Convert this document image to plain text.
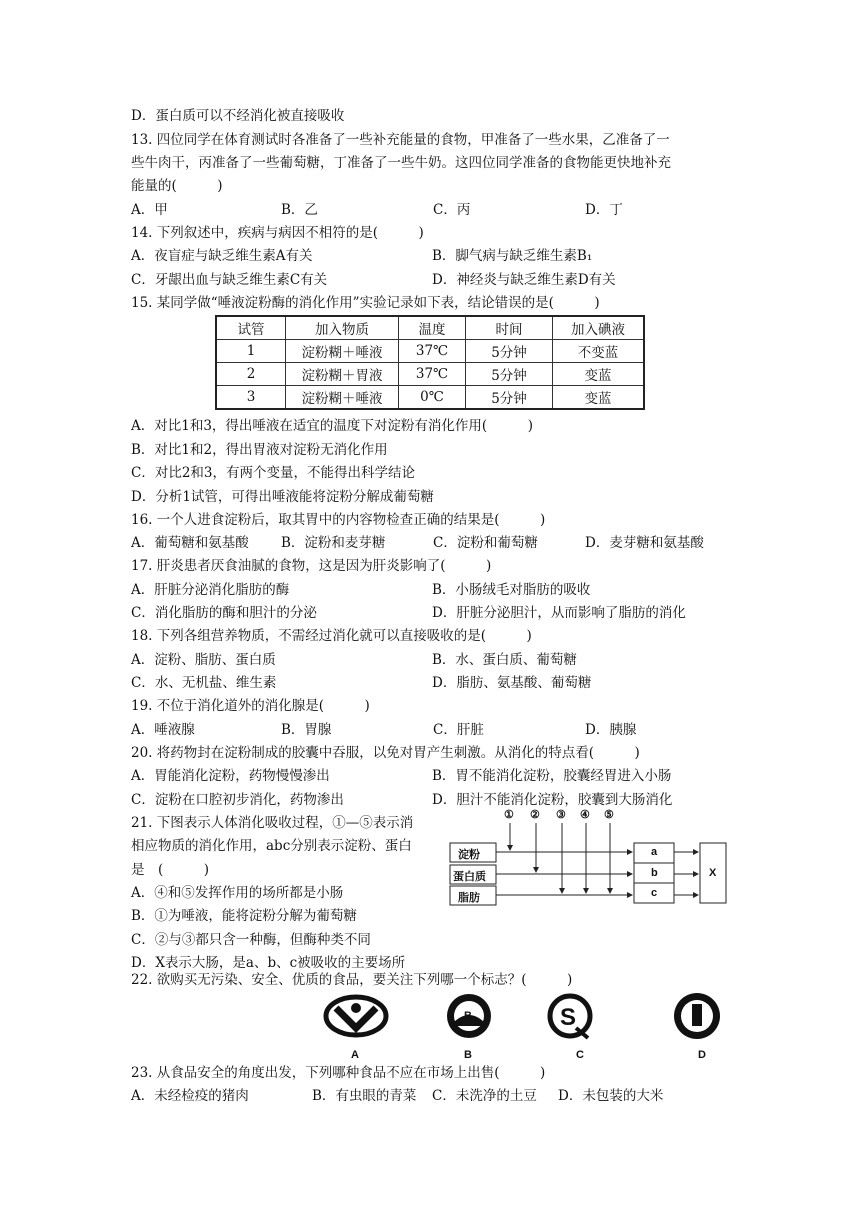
D．蛋白质可以不经消化被直接吸收
13. 四位同学在体育测试时各准备了一些补充能量的食物，甲准备了一些水果，乙准备了一
些牛肉干，丙准备了一些葡萄糖，丁准备了一些牛奶。这四位同学准备的食物能更快地补充
能量的(　　　)
A．甲	B．乙	C．丙	D．丁
14. 下列叙述中，疾病与病因不相符的是(　　　)
A．夜盲症与缺乏维生素A有关	B．脚气病与缺乏维生素B₁
C．牙龈出血与缺乏维生素C有关	D．神经炎与缺乏维生素D有关
15. 某同学做“唾液淀粉酶的消化作用”实验记录如下表，结论错误的是(　　　)
试管	加入物质	温度	时间	加入碘液
1	淀粉糊＋唾液	37℃	5分钟	不变蓝
2	淀粉糊＋胃液	37℃	5分钟	变蓝
3	淀粉糊＋唾液	0℃	5分钟	变蓝
A．对比1和3，得出唾液在适宜的温度下对淀粉有消化作用(　　　)
B．对比1和2，得出胃液对淀粉无消化作用
C．对比2和3，有两个变量，不能得出科学结论
D．分析1试管，可得出唾液能将淀粉分解成葡萄糖
16. 一个人进食淀粉后，取其胃中的内容物检查正确的结果是(　　　)
A．葡萄糖和氨基酸 B．淀粉和麦芽糖	C．淀粉和葡萄糖	D．麦芽糖和氨基酸
17. 肝炎患者厌食油腻的食物，这是因为肝炎影响了(　　　)
A．肝脏分泌消化脂肪的酶	B．小肠绒毛对脂肪的吸收
C．消化脂肪的酶和胆汁的分泌	D．肝脏分泌胆汁，从而影响了脂肪的消化
18. 下列各组营养物质，不需经过消化就可以直接吸收的是(　　　)
A．淀粉、脂肪、蛋白质	B．水、蛋白质、葡萄糖
C．水、无机盐、维生素	D．脂肪、氨基酸、葡萄糖
19. 不位于消化道外的消化腺是(　　　)
A．唾液腺	B．胃腺	C．肝脏	D．胰腺
20. 将药物封在淀粉制成的胶囊中吞服，以免对胃产生刺激。从消化的特点看(　　　)
A．胃能消化淀粉，药物慢慢渗出	B．胃不能消化淀粉，胶囊经胃进入小肠
C．淀粉在口腔初步消化，药物渗出	D．胆汁不能消化淀粉，胶囊到大肠消化
21. 下图表示人体消化吸收过程，①—⑤表示消
相应物质的消化作用，abc分别表示淀粉、蛋白
是　(　　　)
A．④和⑤发挥作用的场所都是小肠
B．①为唾液，能将淀粉分解为葡萄糖
C．②与③都只含一种酶，但酶种类不同
D．X表示大肠，是a、b、c被吸收的主要场所
① ② ③ ④ ⑤
淀粉
蛋白质
脂肪
a
b
c
X
22. 欲购买无污染、安全、优质的食品，要关注下列哪一个标志？(　　　)
B	S
A	B	C	D
23. 从食品安全的角度出发，下列哪种食品不应在市场上出售(　　　)
A．未经检疫的猪肉	B．有虫眼的青菜 C．未洗净的土豆 D．未包装的大米
